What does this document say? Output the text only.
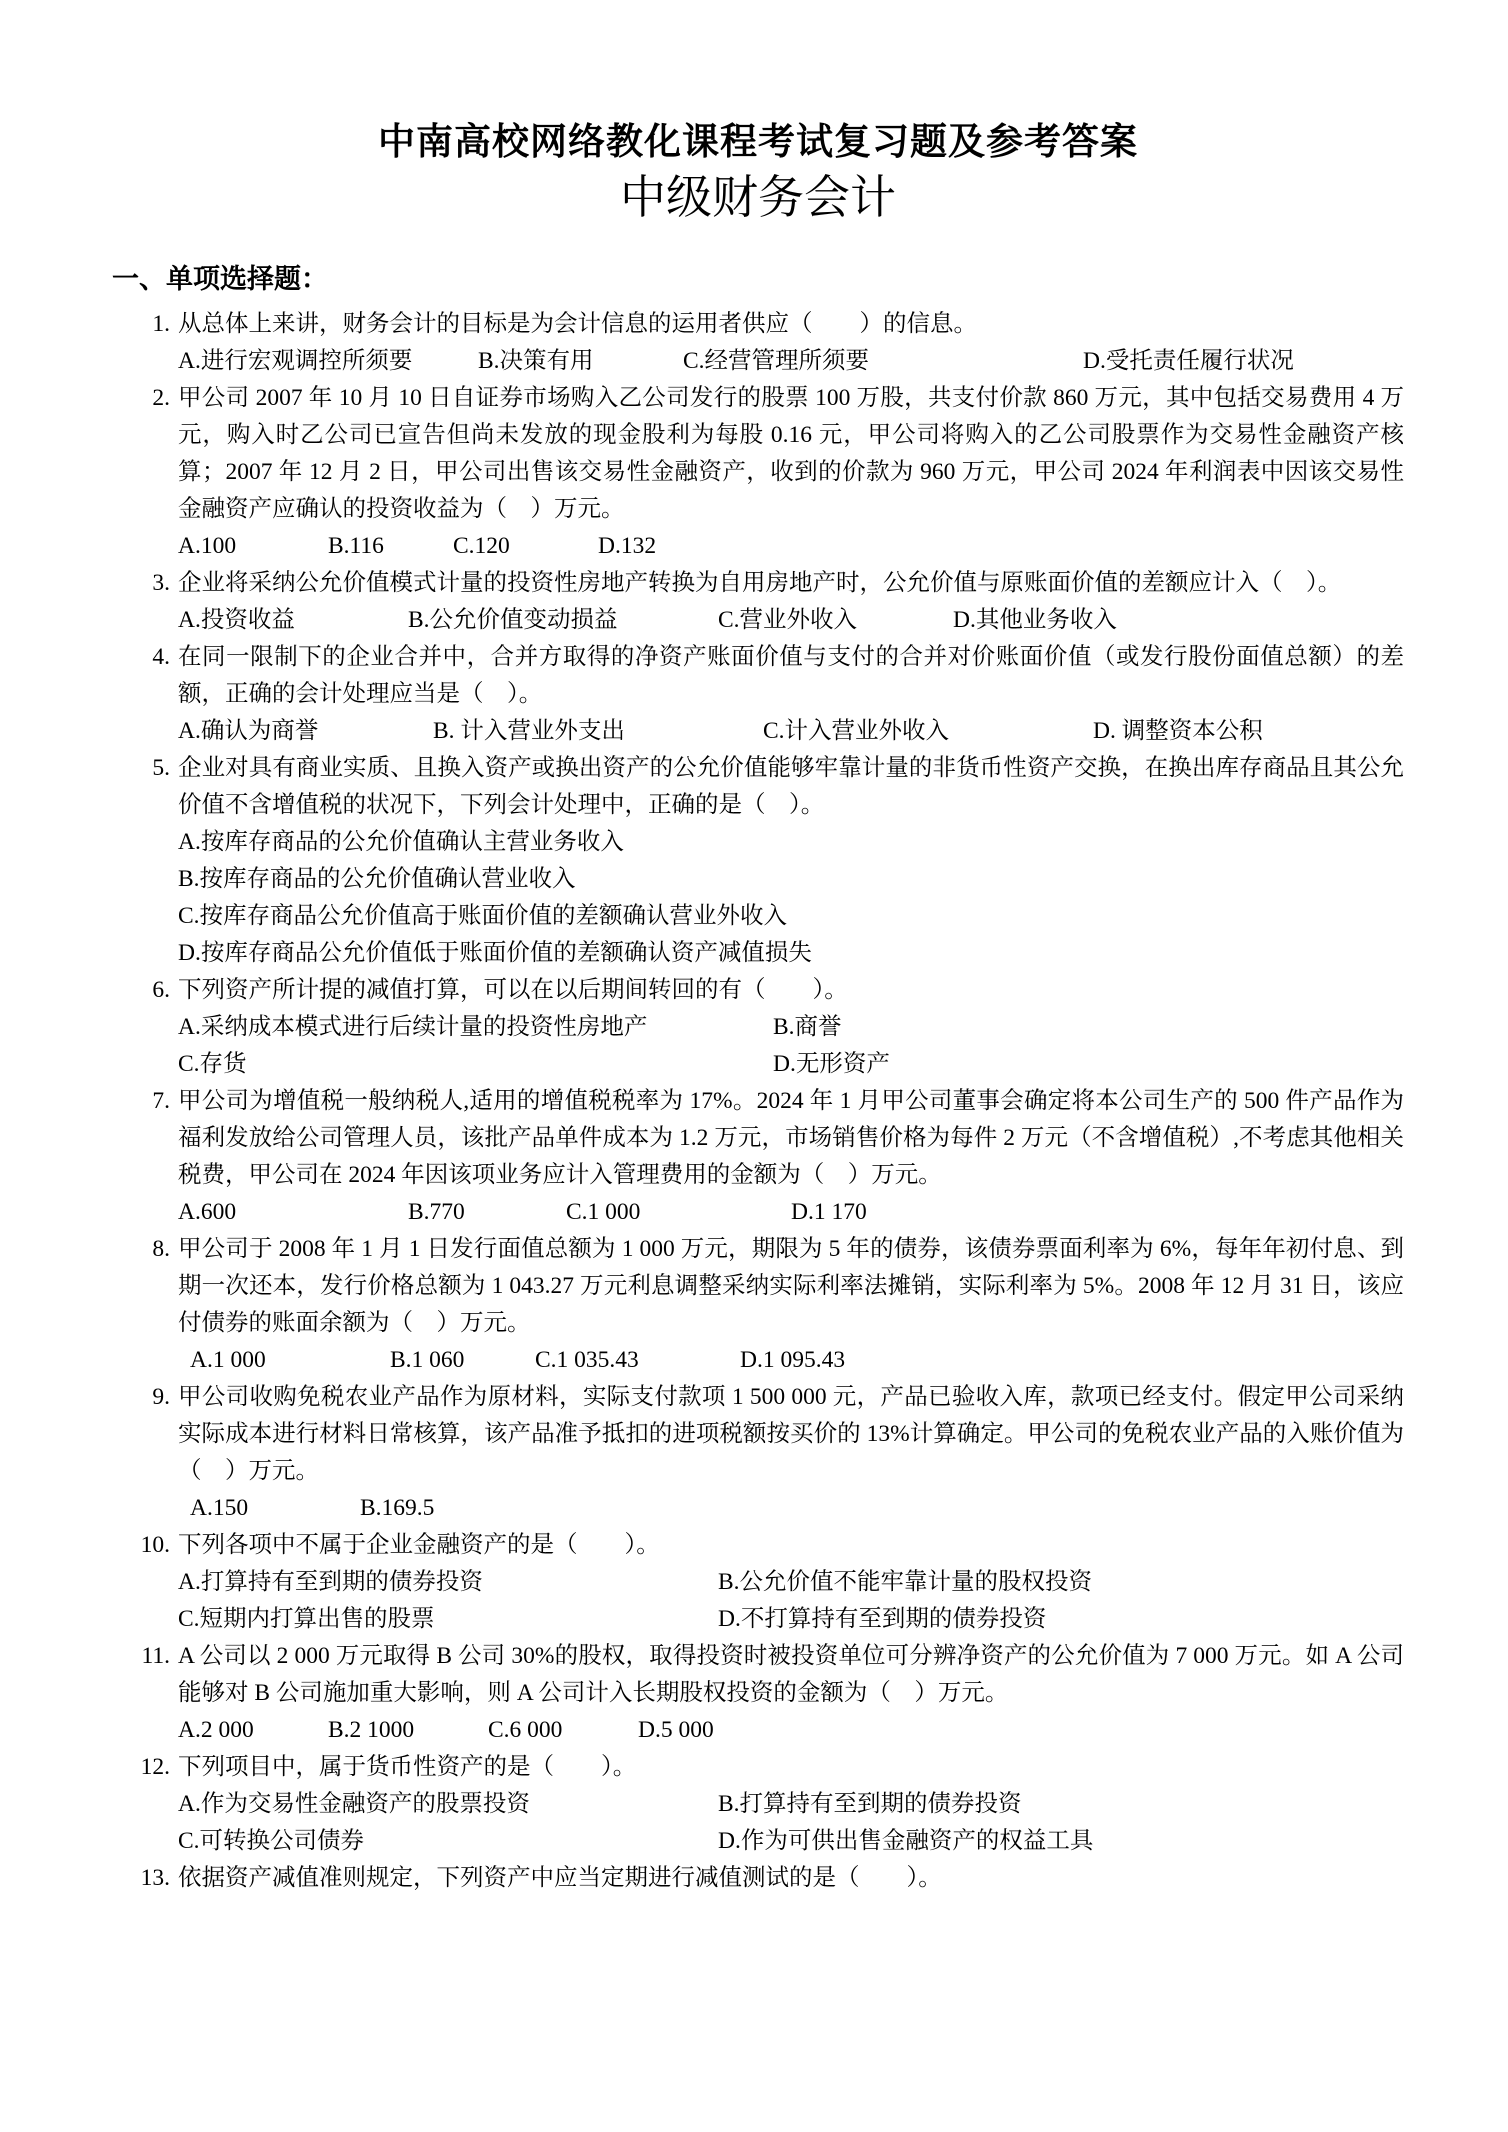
中南高校网络教化课程考试复习题及参考答案
中级财务会计
一、单项选择题：
1. 从总体上来讲，财务会计的目标是为会计信息的运用者供应（　　）的信息。
A.进行宏观调控所须要	B.决策有用	C.经营管理所须要	D.受托责任履行状况
2. 甲公司 2007 年 10 月 10 日自证券市场购入乙公司发行的股票 100 万股，共支付价款 860 万元，其中包括交易费用 4 万元，购入时乙公司已宣告但尚未发放的现金股利为每股 0.16 元，甲公司将购入的乙公司股票作为交易性金融资产核算；2007 年 12 月 2 日，甲公司出售该交易性金融资产，收到的价款为 960 万元，甲公司 2024 年利润表中因该交易性金融资产应确认的投资收益为（　）万元。
A.100	B.116	C.120	D.132
3. 企业将采纳公允价值模式计量的投资性房地产转换为自用房地产时，公允价值与原账面价值的差额应计入（　）。
A.投资收益	B.公允价值变动损益	C.营业外收入	D.其他业务收入
4. 在同一限制下的企业合并中，合并方取得的净资产账面价值与支付的合并对价账面价值（或发行股份面值总额）的差额，正确的会计处理应当是（　）。
A.确认为商誉	B. 计入营业外支出	C.计入营业外收入	D. 调整资本公积
5. 企业对具有商业实质、且换入资产或换出资产的公允价值能够牢靠计量的非货币性资产交换，在换出库存商品且其公允价值不含增值税的状况下，下列会计处理中，正确的是（　）。
A.按库存商品的公允价值确认主营业务收入
B.按库存商品的公允价值确认营业收入
C.按库存商品公允价值高于账面价值的差额确认营业外收入
D.按库存商品公允价值低于账面价值的差额确认资产减值损失
6. 下列资产所计提的减值打算，可以在以后期间转回的有（　　）。
A.采纳成本模式进行后续计量的投资性房地产	B.商誉
C.存货	D.无形资产
7. 甲公司为增值税一般纳税人,适用的增值税税率为 17%。2024 年 1 月甲公司董事会确定将本公司生产的 500 件产品作为福利发放给公司管理人员，该批产品单件成本为 1.2 万元，市场销售价格为每件 2 万元（不含增值税）,不考虑其他相关税费，甲公司在 2024 年因该项业务应计入管理费用的金额为（　）万元。
A.600	B.770	C.1 000	D.1 170
8. 甲公司于 2008 年 1 月 1 日发行面值总额为 1 000 万元，期限为 5 年的债券，该债券票面利率为 6%，每年年初付息、到期一次还本，发行价格总额为 1 043.27 万元利息调整采纳实际利率法摊销，实际利率为 5%。2008 年 12 月 31 日，该应付债券的账面余额为（　）万元。
A.1 000	B.1 060	C.1 035.43	D.1 095.43
9. 甲公司收购免税农业产品作为原材料，实际支付款项 1 500 000 元，产品已验收入库，款项已经支付。假定甲公司采纳实际成本进行材料日常核算，该产品准予抵扣的进项税额按买价的 13%计算确定。甲公司的免税农业产品的入账价值为（　）万元。
A.150	B.169.5
10. 下列各项中不属于企业金融资产的是（　　）。
A.打算持有至到期的债券投资	B.公允价值不能牢靠计量的股权投资
C.短期内打算出售的股票	D.不打算持有至到期的债券投资
11. A 公司以 2 000 万元取得 B 公司 30%的股权，取得投资时被投资单位可分辨净资产的公允价值为 7 000 万元。如 A 公司能够对 B 公司施加重大影响，则 A 公司计入长期股权投资的金额为（　）万元。
A.2 000	B.2 1000	C.6 000	D.5 000
12. 下列项目中，属于货币性资产的是（　　）。
A.作为交易性金融资产的股票投资	B.打算持有至到期的债券投资
C.可转换公司债券	D.作为可供出售金融资产的权益工具
13. 依据资产减值准则规定，下列资产中应当定期进行减值测试的是（　　）。
